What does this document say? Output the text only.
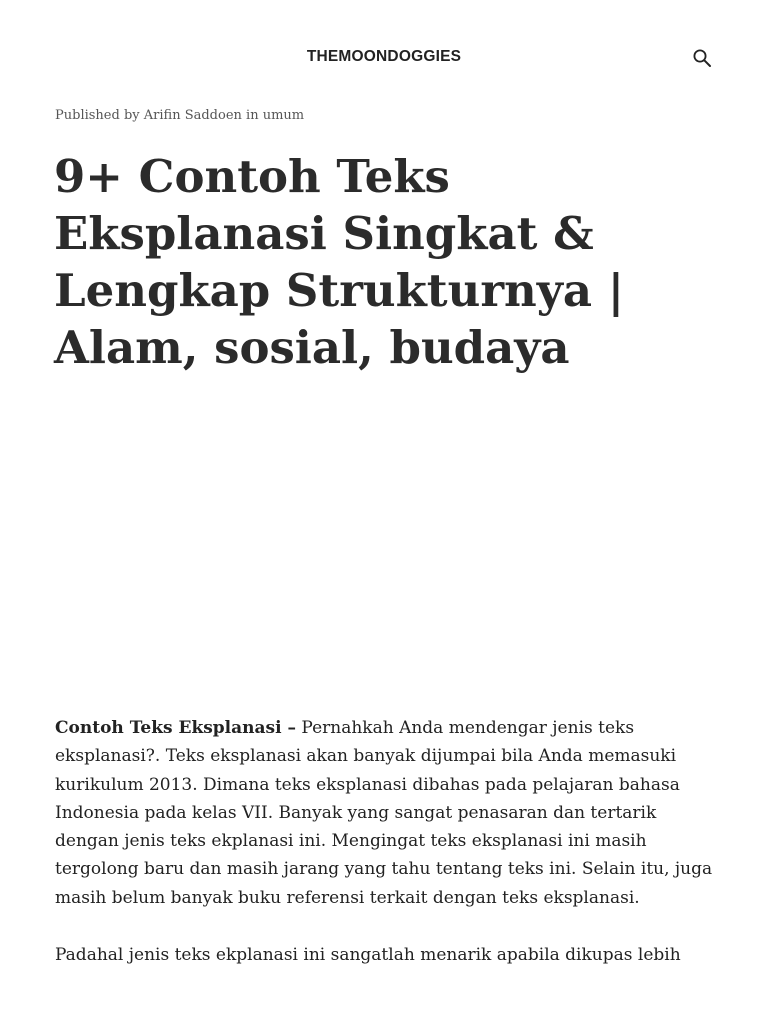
THEMOONDOGGIES
Published by Arifin Saddoen in umum
9+ Contoh Teks Eksplanasi Singkat & Lengkap Strukturnya | Alam, sosial, budaya

Contoh Teks Eksplanasi – Pernahkah Anda mendengar jenis teks eksplanasi?. Teks eksplanasi akan banyak dijumpai bila Anda memasuki kurikulum 2013. Dimana teks eksplanasi dibahas pada pelajaran bahasa Indonesia pada kelas VII. Banyak yang sangat penasaran dan tertarik dengan jenis teks ekplanasi ini. Mengingat teks eksplanasi ini masih tergolong baru dan masih jarang yang tahu tentang teks ini. Selain itu, juga masih belum banyak buku referensi terkait dengan teks eksplanasi.

Padahal jenis teks ekplanasi ini sangatlah menarik apabila dikupas lebih
